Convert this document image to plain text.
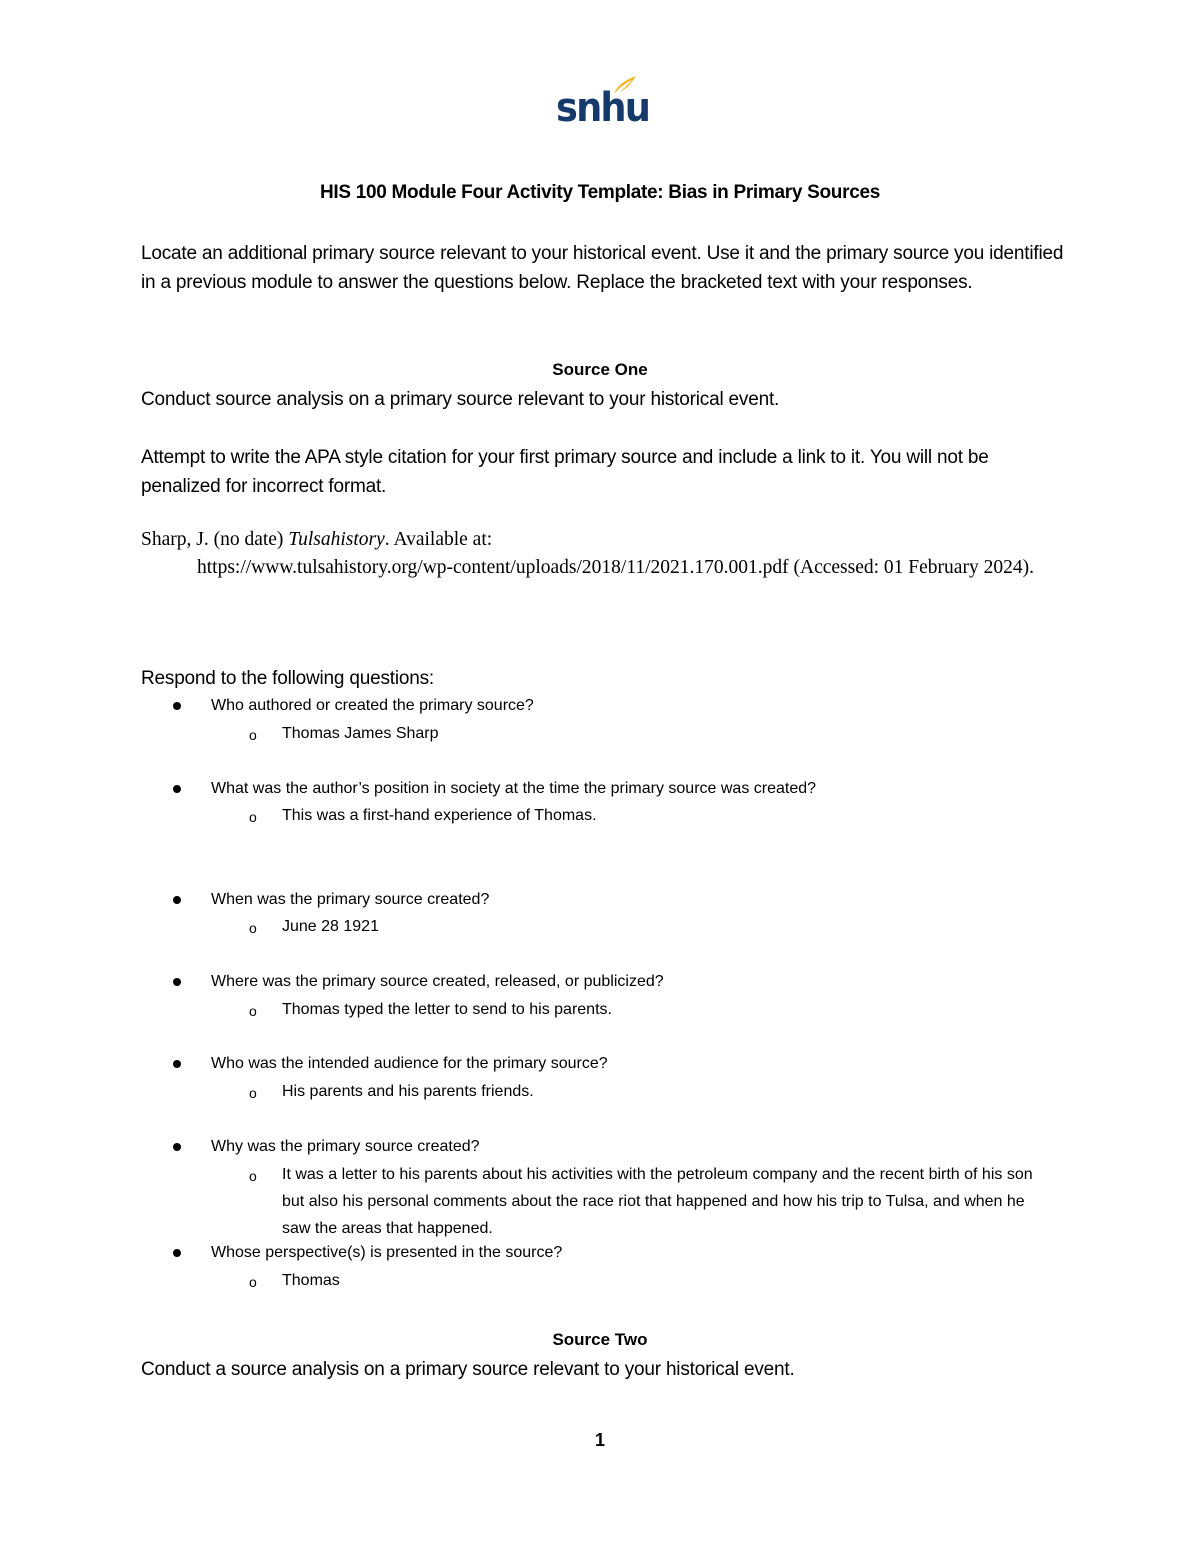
snhu
HIS 100 Module Four Activity Template: Bias in Primary Sources
Locate an additional primary source relevant to your historical event. Use it and the primary source you identified in a previous module to answer the questions below. Replace the bracketed text with your responses.
Source One
Conduct source analysis on a primary source relevant to your historical event.
Attempt to write the APA style citation for your first primary source and include a link to it. You will not be penalized for incorrect format.
Sharp, J. (no date) Tulsahistory. Available at:
https://www.tulsahistory.org/wp-content/uploads/2018/11/2021.170.001.pdf (Accessed: 01 February 2024).
Respond to the following questions:
Who authored or created the primary source?
o Thomas James Sharp
What was the author’s position in society at the time the primary source was created?
o This was a first-hand experience of Thomas.
When was the primary source created?
o June 28 1921
Where was the primary source created, released, or publicized?
o Thomas typed the letter to send to his parents.
Who was the intended audience for the primary source?
o His parents and his parents friends.
Why was the primary source created?
o It was a letter to his parents about his activities with the petroleum company and the recent birth of his son but also his personal comments about the race riot that happened and how his trip to Tulsa, and when he saw the areas that happened.
Whose perspective(s) is presented in the source?
o Thomas
Source Two
Conduct a source analysis on a primary source relevant to your historical event.
1
